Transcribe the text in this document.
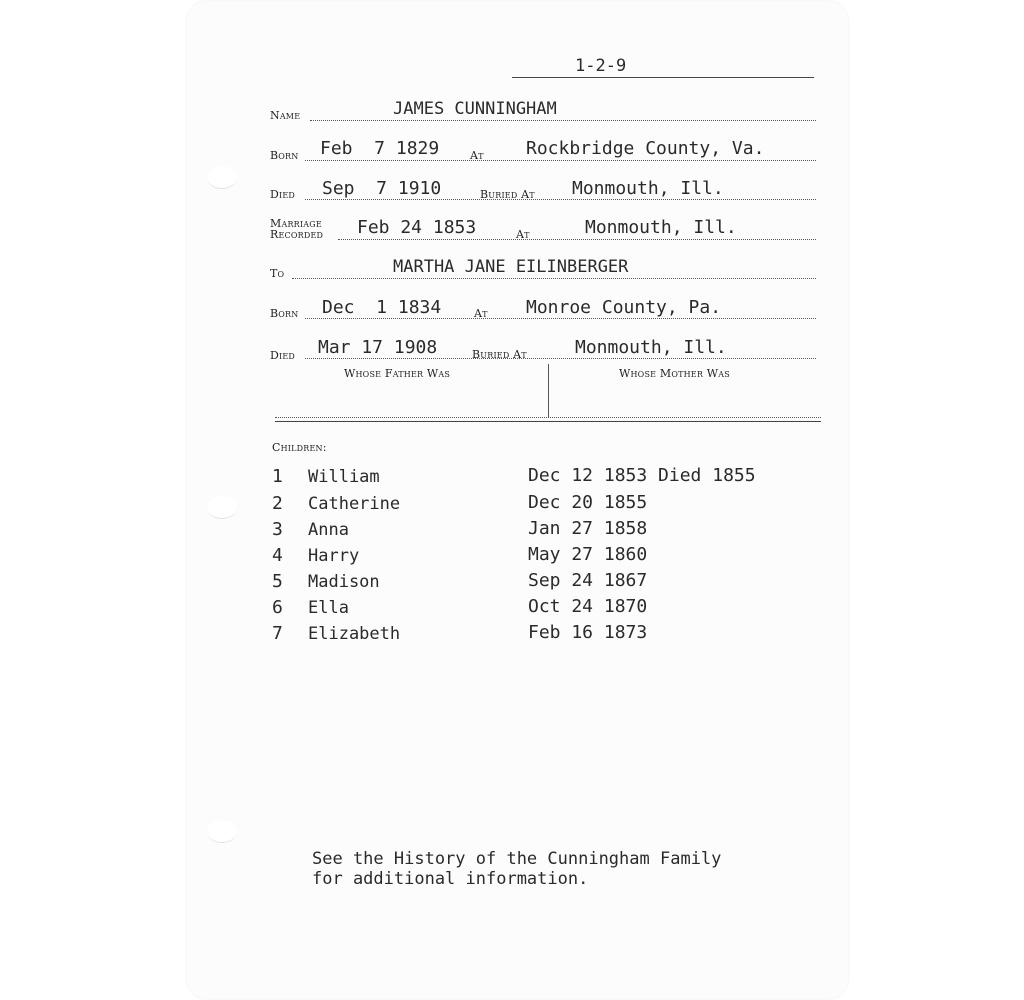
1-2-9
Name	JAMES CUNNINGHAM
Born Feb  7 1829	At Rockbridge County, Va.
Died Sep  7 1910	Buried At Monmouth, Ill.
Marriage
Recorded Feb 24 1853	At	Monmouth, Ill.
To	MARTHA JANE EILINBERGER
Born Dec  1 1834	At Monroe County, Pa.
Died Mar 17 1908	Buried At	Monmouth, Ill.
Whose Father Was	Whose Mother Was
Children:
1 William	Dec 12 1853 Died 1855
2 Catherine	Dec 20 1855
3 Anna	Jan 27 1858
4 Harry	May 27 1860
5 Madison	Sep 24 1867
6 Ella	Oct 24 1870
7 Elizabeth	Feb 16 1873
See the History of the Cunningham Family
for additional information.
